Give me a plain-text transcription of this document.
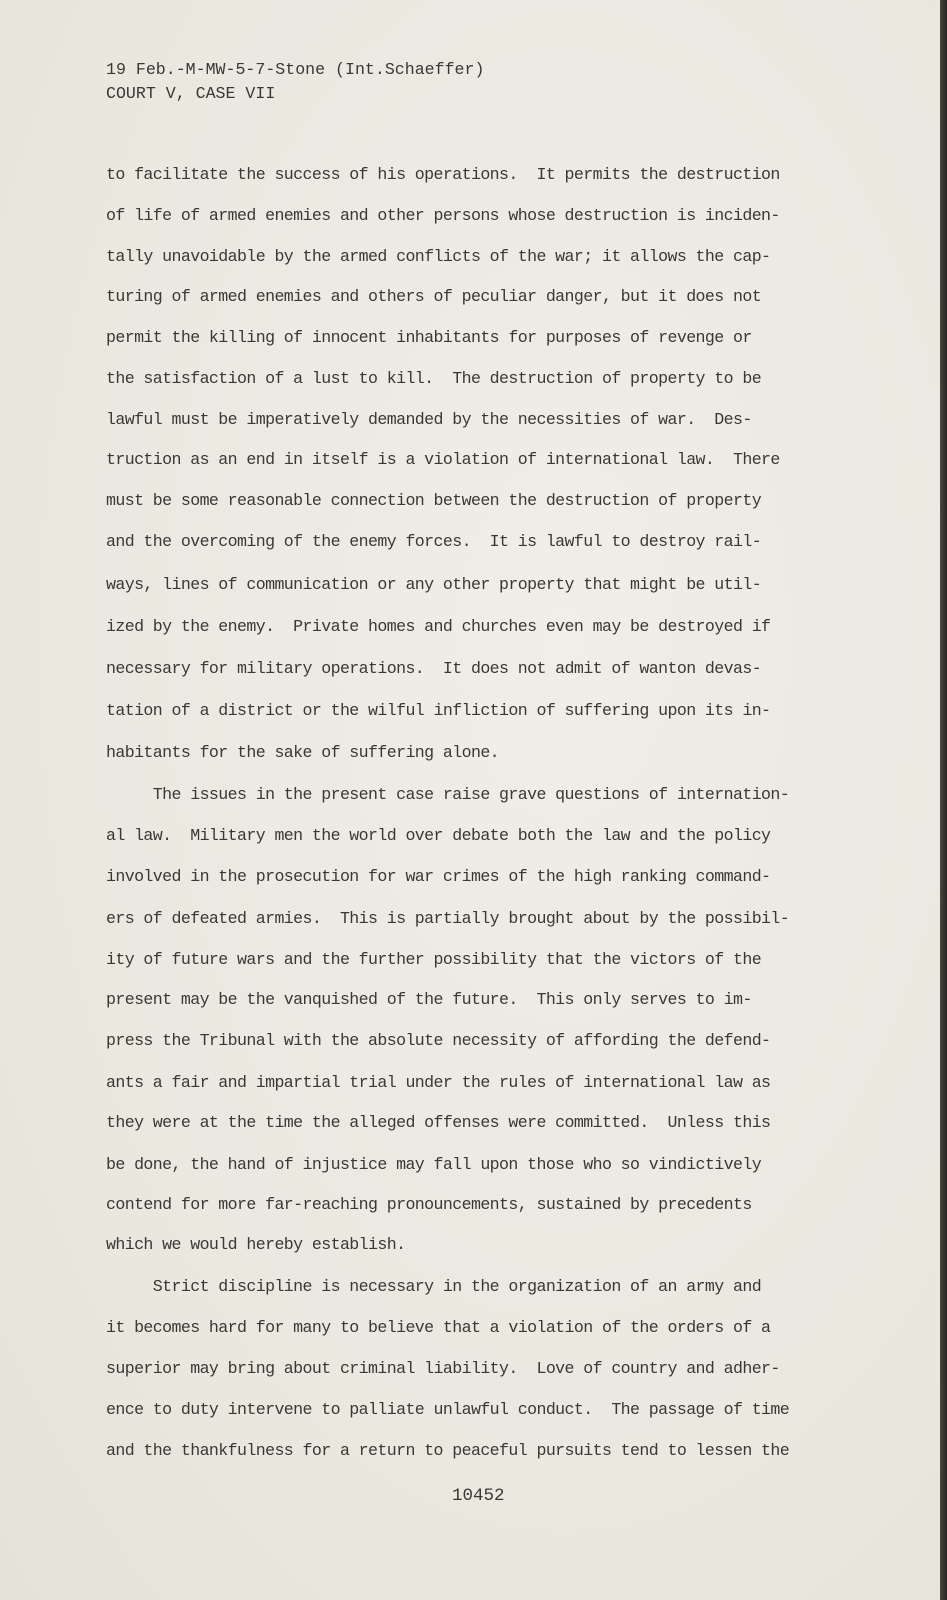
19 Feb.-M-MW-5-7-Stone (Int.Schaeffer)
COURT V, CASE VII
to facilitate the success of his operations.  It permits the destruction
of life of armed enemies and other persons whose destruction is inciden-
tally unavoidable by the armed conflicts of the war; it allows the cap-
turing of armed enemies and others of peculiar danger, but it does not
permit the killing of innocent inhabitants for purposes of revenge or
the satisfaction of a lust to kill.  The destruction of property to be
lawful must be imperatively demanded by the necessities of war.  Des-
truction as an end in itself is a violation of international law.  There
must be some reasonable connection between the destruction of property
and the overcoming of the enemy forces.  It is lawful to destroy rail-
ways, lines of communication or any other property that might be util-
ized by the enemy.  Private homes and churches even may be destroyed if
necessary for military operations.  It does not admit of wanton devas-
tation of a district or the wilful infliction of suffering upon its in-
habitants for the sake of suffering alone.
The issues in the present case raise grave questions of internation-
al law.  Military men the world over debate both the law and the policy
involved in the prosecution for war crimes of the high ranking command-
ers of defeated armies.  This is partially brought about by the possibil-
ity of future wars and the further possibility that the victors of the
present may be the vanquished of the future.  This only serves to im-
press the Tribunal with the absolute necessity of affording the defend-
ants a fair and impartial trial under the rules of international law as
they were at the time the alleged offenses were committed.  Unless this
be done, the hand of injustice may fall upon those who so vindictively
contend for more far-reaching pronouncements, sustained by precedents
which we would hereby establish.
Strict discipline is necessary in the organization of an army and
it becomes hard for many to believe that a violation of the orders of a
superior may bring about criminal liability.  Love of country and adher-
ence to duty intervene to palliate unlawful conduct.  The passage of time
and the thankfulness for a return to peaceful pursuits tend to lessen the
10452
